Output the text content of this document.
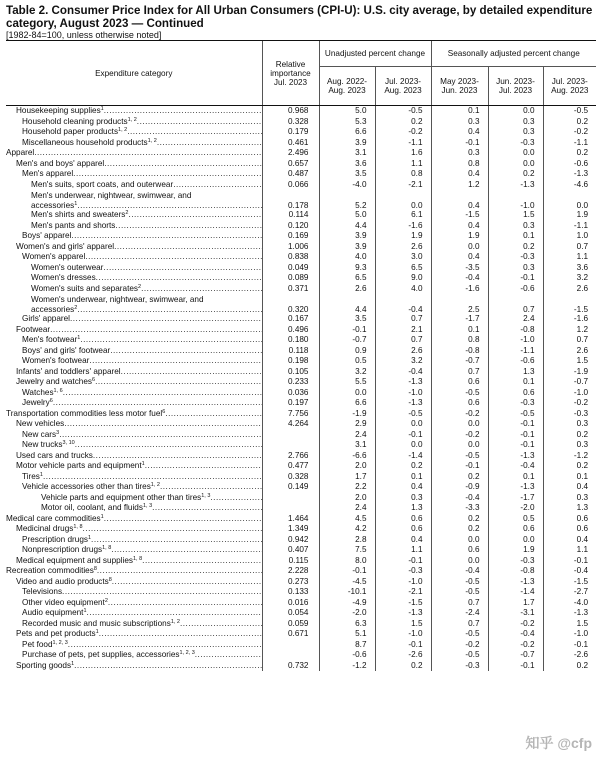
Table 2. Consumer Price Index for All Urban Consumers (CPI-U): U.S. city average, by detailed expenditure category, August 2023 — Continued
[1982-84=100, unless otherwise noted]
Expenditure category	Relative importance Jul. 2023	Unadjusted percent change		Seasonally adjusted percent change		
		Aug. 2022- Aug. 2023	Jul. 2023- Aug. 2023	May 2023- Jun. 2023	Jun. 2023- Jul. 2023	Jul. 2023- Aug. 2023
Housekeeping supplies$^1$ .....	0.968	5.0	-0.5	0.1	0.0	-0.5
Household cleaning products$^{1, 2}$ .....	0.328	5.3	0.2	0.3	0.3	0.2
Household paper products$^{1, 2}$ .....	0.179	6.6	-0.2	0.4	0.3	-0.2
Miscellaneous household products$^{1, 2}$ .....	0.461	3.9	-1.1	-0.1	-0.3	-1.1
Apparel .....	2.496	3.1	1.6	0.3	0.0	0.2
Men's and boys' apparel .....	0.657	3.6	1.1	0.8	0.0	-0.6
Men's apparel .....	0.487	3.5	0.8	0.4	0.2	-1.3
Men's suits, sport coats, and outerwear .....	0.066	-4.0	-2.1	1.2	-1.3	-4.6

Men's underwear, nightwear, swimwear, and accessories$^1$ .....	0.178	5.2	0.0	0.4	-1.0	0.0
Men's shirts and sweaters$^2$ .....	0.114	5.0	6.1	-1.5	1.5	1.9
Men's pants and shorts .....	0.120	4.4	-1.6	0.4	0.3	-1.1
Boys' apparel .....	0.169	3.9	1.9	1.9	0.1	1.0
Women's and girls' apparel .....	1.006	3.9	2.6	0.0	0.2	0.7
Women's apparel .....	0.838	4.0	3.0	0.4	-0.3	1.1
Women's outerwear .....	0.049	9.3	6.5	-3.5	0.3	3.6
Women's dresses .....	0.089	6.5	9.0	-0.4	-0.1	3.2
Women's suits and separates$^2$ .....	0.371	2.6	4.0	-1.6	-0.6	2.6

Women's underwear, nightwear, swimwear, and accessories$^2$ .....	0.320	4.4	-0.4	2.5	0.7	-1.5
Girls' apparel .....	0.167	3.5	0.7	-1.7	2.4	-1.6
Footwear .....	0.496	-0.1	2.1	0.1	-0.8	1.2
Men's footwear$^1$ .....	0.180	-0.7	0.7	0.8	-1.0	0.7
Boys' and girls' footwear .....	0.118	0.9	2.6	-0.8	-1.1	2.6
Women's footwear .....	0.198	0.5	3.2	-0.7	-0.6	1.5
Infants' and toddlers' apparel .....	0.105	3.2	-0.4	0.7	1.3	-1.9
Jewelry and watches$^6$ .....	0.233	5.5	-1.3	0.6	0.1	-0.7
Watches$^{1, 6}$ .....	0.036	0.0	-1.0	-0.5	0.6	-1.0
Jewelry$^6$ .....	0.197	6.6	-1.3	0.6	-0.3	-0.2
Transportation commodities less motor fuel$^6$ .....	7.756	-1.9	-0.5	-0.2	-0.5	-0.3
New vehicles .....	4.264	2.9	0.0	0.0	-0.1	0.3
New cars$^3$ .....		2.4	-0.1	-0.2	-0.1	0.2
New trucks$^{3, 10}$ .....		3.1	0.0	0.0	-0.1	0.3
Used cars and trucks .....	2.766	-6.6	-1.4	-0.5	-1.3	-1.2
Motor vehicle parts and equipment$^1$ .....	0.477	2.0	0.2	-0.1	-0.4	0.2
Tires$^1$ .....	0.328	1.7	0.1	0.2	0.1	0.1
Vehicle accessories other than tires$^{1, 2}$ .....	0.149	2.2	0.4	-0.9	-1.3	0.4
Vehicle parts and equipment other than tires$^{1, 3}$ .....		2.0	0.3	-0.4	-1.7	0.3
Motor oil, coolant, and fluids$^{1, 3}$ .....		2.4	1.3	-3.3	-2.0	1.3
Medical care commodities$^1$ .....	1.464	4.5	0.6	0.2	0.5	0.6
Medicinal drugs$^{1, 8}$ .....	1.349	4.2	0.6	0.2	0.6	0.6
Prescription drugs$^1$ .....	0.942	2.8	0.4	0.0	0.0	0.4
Nonprescription drugs$^{1, 8}$ .....	0.407	7.5	1.1	0.6	1.9	1.1
Medical equipment and supplies$^{1, 8}$ .....	0.115	8.0	-0.1	0.0	-0.3	-0.1
Recreation commodities$^8$ .....	2.228	-0.1	-0.3	-0.4	-0.8	-0.4
Video and audio products$^8$ .....	0.273	-4.5	-1.0	-0.5	-1.3	-1.5
Televisions .....	0.133	-10.1	-2.1	-0.5	-1.4	-2.7
Other video equipment$^2$ .....	0.016	-4.9	-1.5	0.7	1.7	-4.0
Audio equipment$^1$ .....	0.054	-2.0	-1.3	-2.4	-3.1	-1.3
Recorded music and music subscriptions$^{1, 2}$ .....	0.059	6.3	1.5	0.7	-0.2	1.5
Pets and pet products$^1$ .....	0.671	5.1	-1.0	-0.5	-0.4	-1.0
Pet food$^{1, 2, 3}$ .....		8.7	-0.1	-0.2	-0.2	-0.1
Purchase of pets, pet supplies, accessories$^{1, 2, 3}$ .....		-0.6	-2.6	-0.5	-0.7	-2.6
Sporting goods$^1$ .....	0.732	-1.2	0.2	-0.3	-0.1	0.2
知乎 @cfp
